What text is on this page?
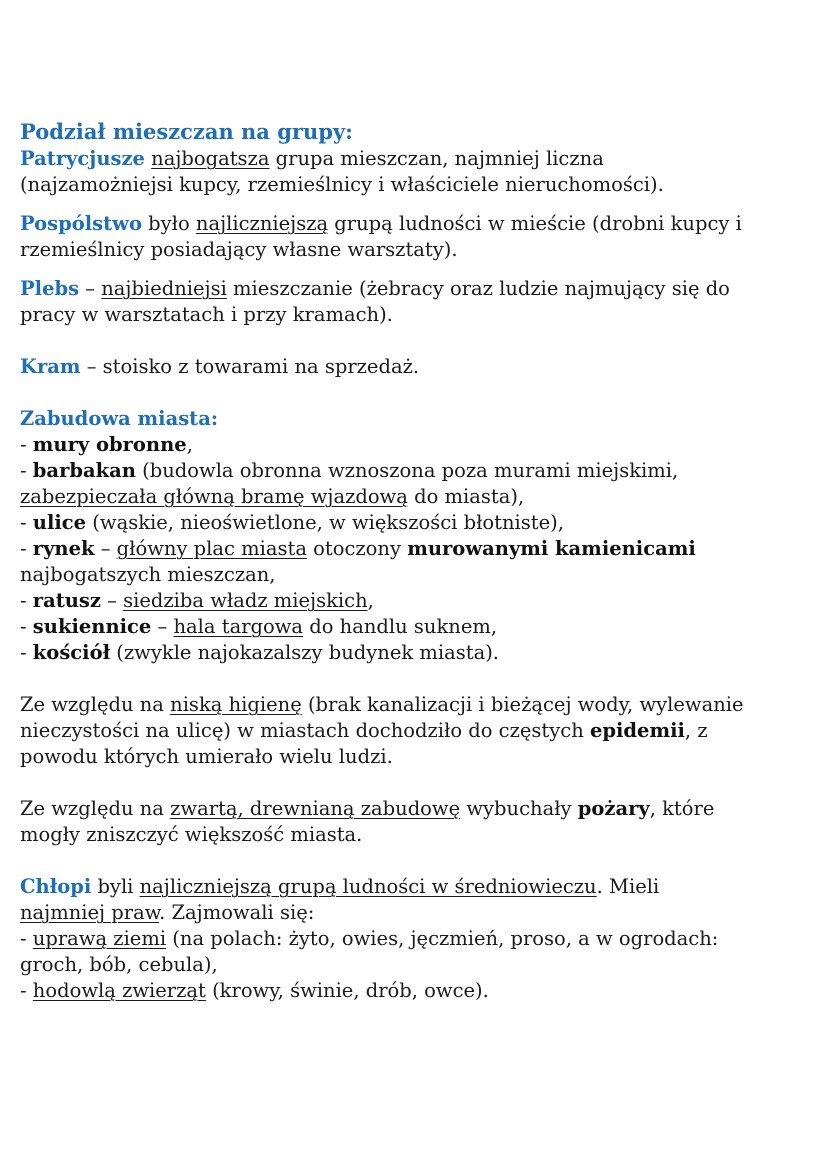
Podział mieszczan na grupy:

Patrycjusze najbogatsza grupa mieszczan, najmniej liczna
(najzamożniejsi kupcy, rzemieślnicy i właściciele nieruchomości).

Pospólstwo było najliczniejszą grupą ludności w mieście (drobni kupcy i
rzemieślnicy posiadający własne warsztaty).

Plebs – najbiedniejsi mieszczanie (żebracy oraz ludzie najmujący się do
pracy w warsztatach i przy kramach).

Kram – stoisko z towarami na sprzedaż.

Zabudowa miasta:

- mury obronne,

- barbakan (budowla obronna wznoszona poza murami miejskimi,
zabezpieczała główną bramę wjazdową do miasta),

- ulice (wąskie, nieoświetlone, w większości błotniste),

- rynek – główny plac miasta otoczony murowanymi kamienicami
najbogatszych mieszczan,

- ratusz – siedziba władz miejskich,

- sukiennice – hala targowa do handlu suknem,

- kościół (zwykle najokazalszy budynek miasta).

Ze względu na niską higienę (brak kanalizacji i bieżącej wody, wylewanie
nieczystości na ulicę) w miastach dochodziło do częstych epidemii, z
powodu których umierało wielu ludzi.

Ze względu na zwartą, drewnianą zabudowę wybuchały pożary, które
mogły zniszczyć większość miasta.

Chłopi byli najliczniejszą grupą ludności w średniowieczu. Mieli
najmniej praw. Zajmowali się:

- uprawą ziemi (na polach: żyto, owies, jęczmień, proso, a w ogrodach:
groch, bób, cebula),

- hodowlą zwierząt (krowy, świnie, drób, owce).
